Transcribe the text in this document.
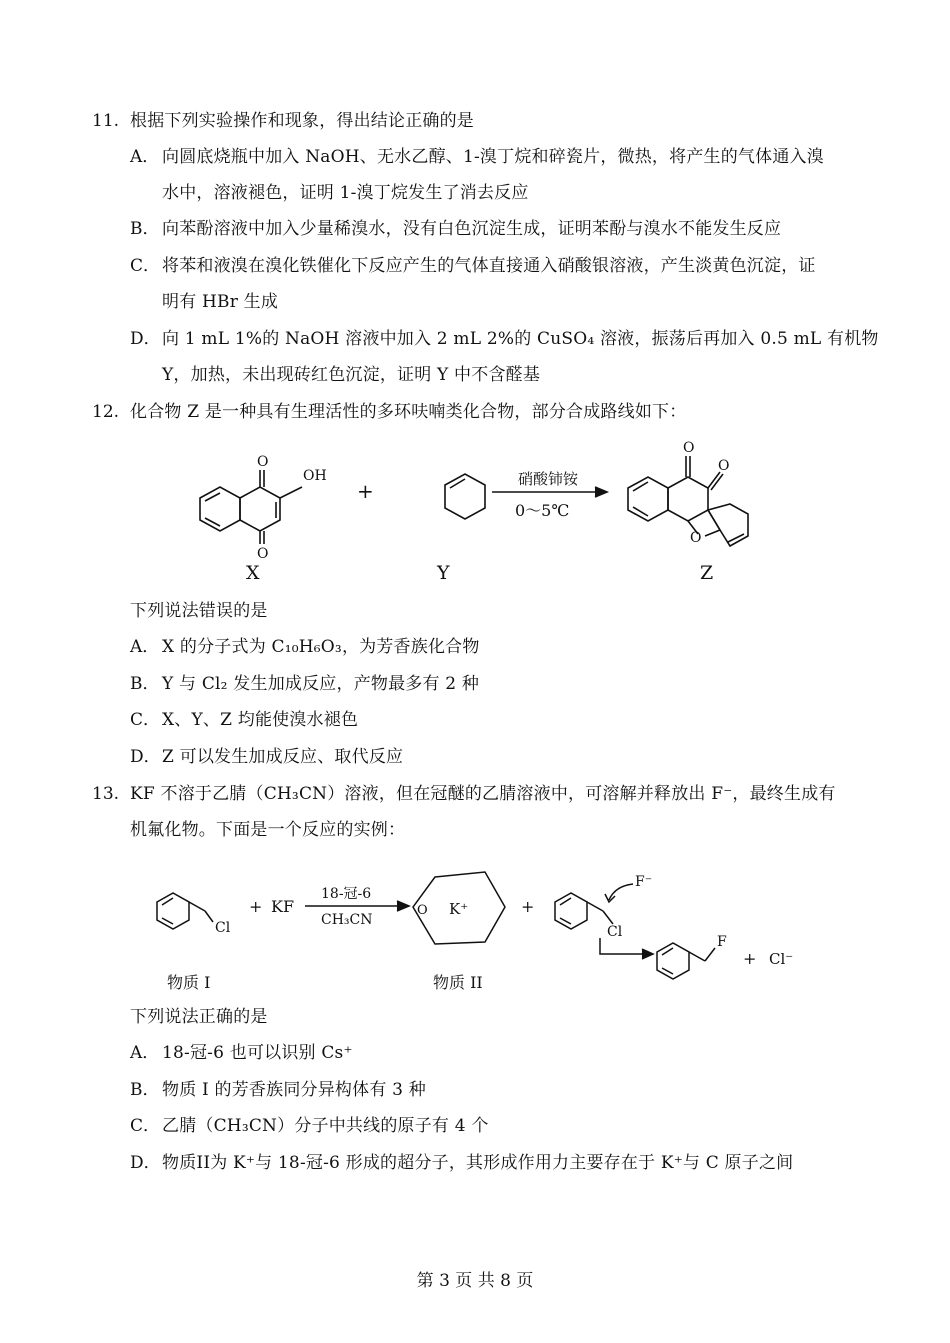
11. 根据下列实验操作和现象，得出结论正确的是
A． 向圆底烧瓶中加入 NaOH、无水乙醇、1-溴丁烷和碎瓷片，微热，将产生的气体通入溴
水中，溶液褪色，证明 1-溴丁烷发生了消去反应
B． 向苯酚溶液中加入少量稀溴水，没有白色沉淀生成，证明苯酚与溴水不能发生反应
C． 将苯和液溴在溴化铁催化下反应产生的气体直接通入硝酸银溶液，产生淡黄色沉淀，证
明有 HBr 生成
D． 向 1 mL 1%的 NaOH 溶液中加入 2 mL 2%的 CuSO₄ 溶液，振荡后再加入 0.5 mL 有机物
Y，加热，未出现砖红色沉淀，证明 Y 中不含醛基
12. 化合物 Z 是一种具有生理活性的多环呋喃类化合物，部分合成路线如下：
OH
O
O
+	硝酸铈铵
0～5℃
O
O
O
X	Y	Z
下列说法错误的是
A． X 的分子式为 C₁₀H₆O₃，为芳香族化合物
B． Y 与 Cl₂ 发生加成反应，产物最多有 2 种
C． X、Y、Z 均能使溴水褪色
D． Z 可以发生加成反应、取代反应
13. KF 不溶于乙腈（CH₃CN）溶液，但在冠醚的乙腈溶液中，可溶解并释放出 F⁻，最终生成有
机氟化物。下面是一个反应的实例：
Cl
+ KF
18-冠-6
CH₃CN
K⁺
O	+
F⁻
Cl
F
+ Cl⁻
物质 I	物质 II
下列说法正确的是
A． 18-冠-6 也可以识别 Cs⁺
B． 物质 I 的芳香族同分异构体有 3 种
C． 乙腈（CH₃CN）分子中共线的原子有 4 个
D． 物质II为 K⁺与 18-冠-6 形成的超分子，其形成作用力主要存在于 K⁺与 C 原子之间
第 3 页 共 8 页
